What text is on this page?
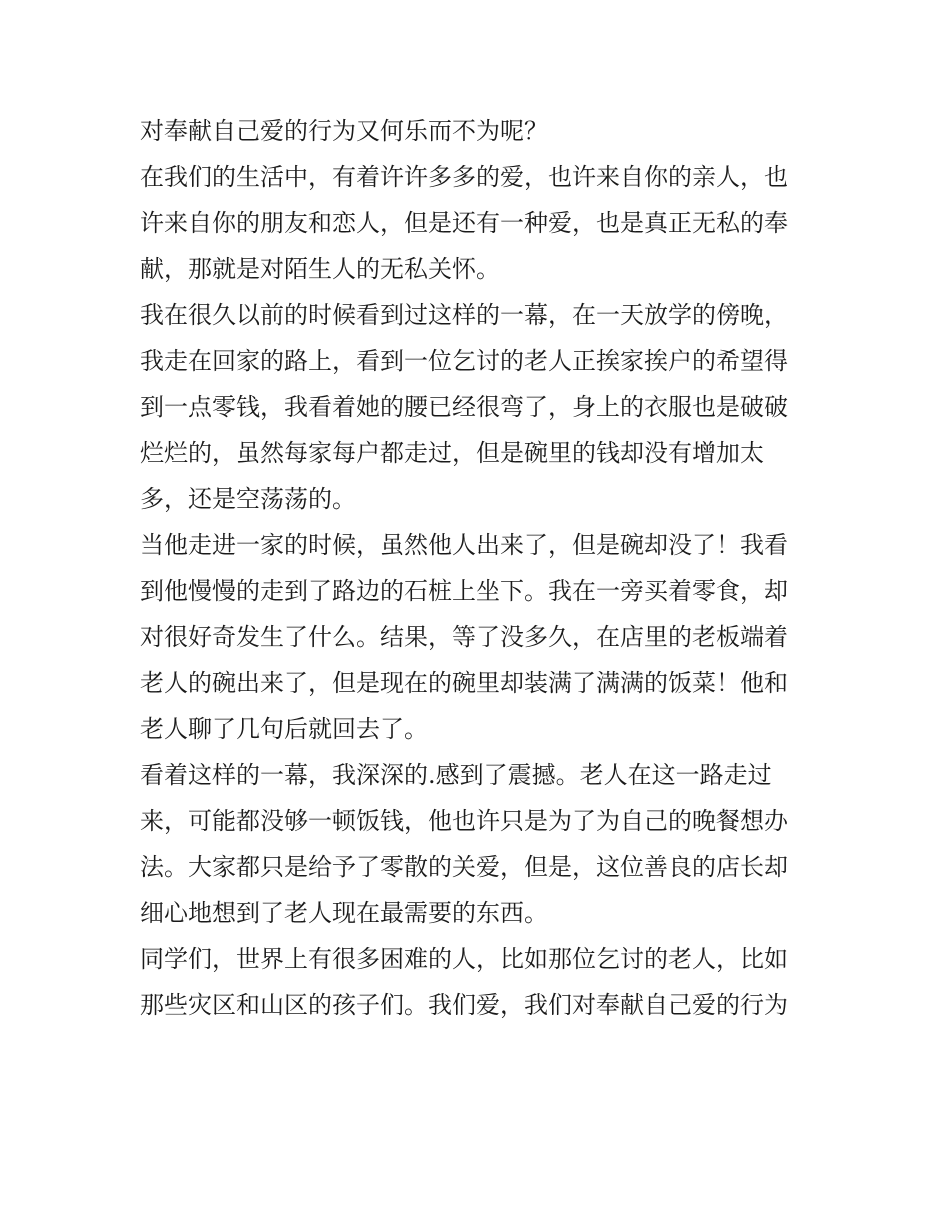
对奉献自己爱的行为又何乐而不为呢？
在我们的生活中，有着许许多多的爱，也许来自你的亲人，也
许来自你的朋友和恋人，但是还有一种爱，也是真正无私的奉
献，那就是对陌生人的无私关怀。
我在很久以前的时候看到过这样的一幕，在一天放学的傍晚，
我走在回家的路上，看到一位乞讨的老人正挨家挨户的希望得
到一点零钱，我看着她的腰已经很弯了，身上的衣服也是破破
烂烂的，虽然每家每户都走过，但是碗里的钱却没有增加太
多，还是空荡荡的。
当他走进一家的时候，虽然他人出来了，但是碗却没了！我看
到他慢慢的走到了路边的石桩上坐下。我在一旁买着零食，却
对很好奇发生了什么。结果，等了没多久，在店里的老板端着
老人的碗出来了，但是现在的碗里却装满了满满的饭菜！他和
老人聊了几句后就回去了。
看着这样的一幕，我深深的.感到了震撼。老人在这一路走过
来，可能都没够一顿饭钱，他也许只是为了为自己的晚餐想办
法。大家都只是给予了零散的关爱，但是，这位善良的店长却
细心地想到了老人现在最需要的东西。
同学们，世界上有很多困难的人，比如那位乞讨的老人，比如
那些灾区和山区的孩子们。我们爱，我们对奉献自己爱的行为
